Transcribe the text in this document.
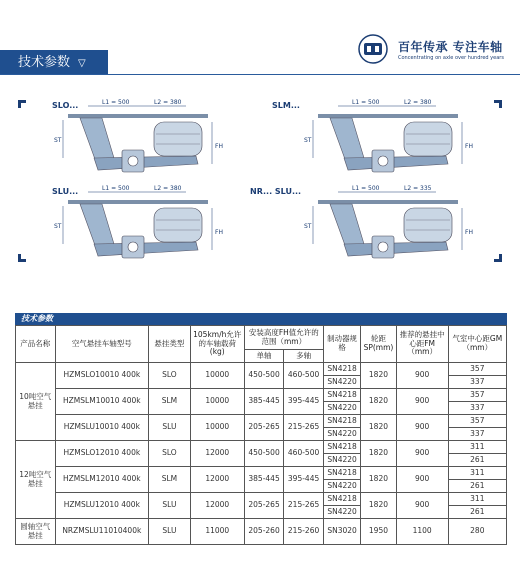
技术参数 ▽
百年传承 专注车轴
Concentrating on axle over hundred years
SLO...	L1 = 500	L2 = 380
ST
FH
SLM...	L1 = 500	L2 = 380
ST
FH
SLU...	L1 = 500	L2 = 380
ST
FH
NR... SLU...	L1 = 500	L2 = 335
ST
FH
技术参数
产品名称	空气悬挂车轴型号	悬挂类型	105km/h允许的车轴载荷(kg)	安装高度FH值允许的范围（mm）		制动器规格	轮距SP(mm)	推荐的悬挂中心距FM（mm）	气室中心距GM（mm）
				单轴	多轴				
10吨空气悬挂	HZMSLO10010 400k	SLO	10000	450-500	460-500	SN4218	1820	900	357
						SN4220			337
	HZMSLM10010 400k	SLM	10000	385-445	395-445	SN4218	1820	900	357
						SN4220			337
	HZMSLU10010 400k	SLU	10000	205-265	215-265	SN4218	1820	900	357
						SN4220			337
12吨空气悬挂	HZMSLO12010 400k	SLO	12000	450-500	460-500	SN4218	1820	900	311
						SN4220			261
	HZMSLM12010 400k	SLM	12000	385-445	395-445	SN4218	1820	900	311
						SN4220			261
	HZMSLU12010 400k	SLU	12000	205-265	215-265	SN4218	1820	900	311
						SN4220			261
圆轴空气悬挂	NRZMSLU11010400k	SLU	11000	205-260	215-260	SN3020	1950	1100	280
